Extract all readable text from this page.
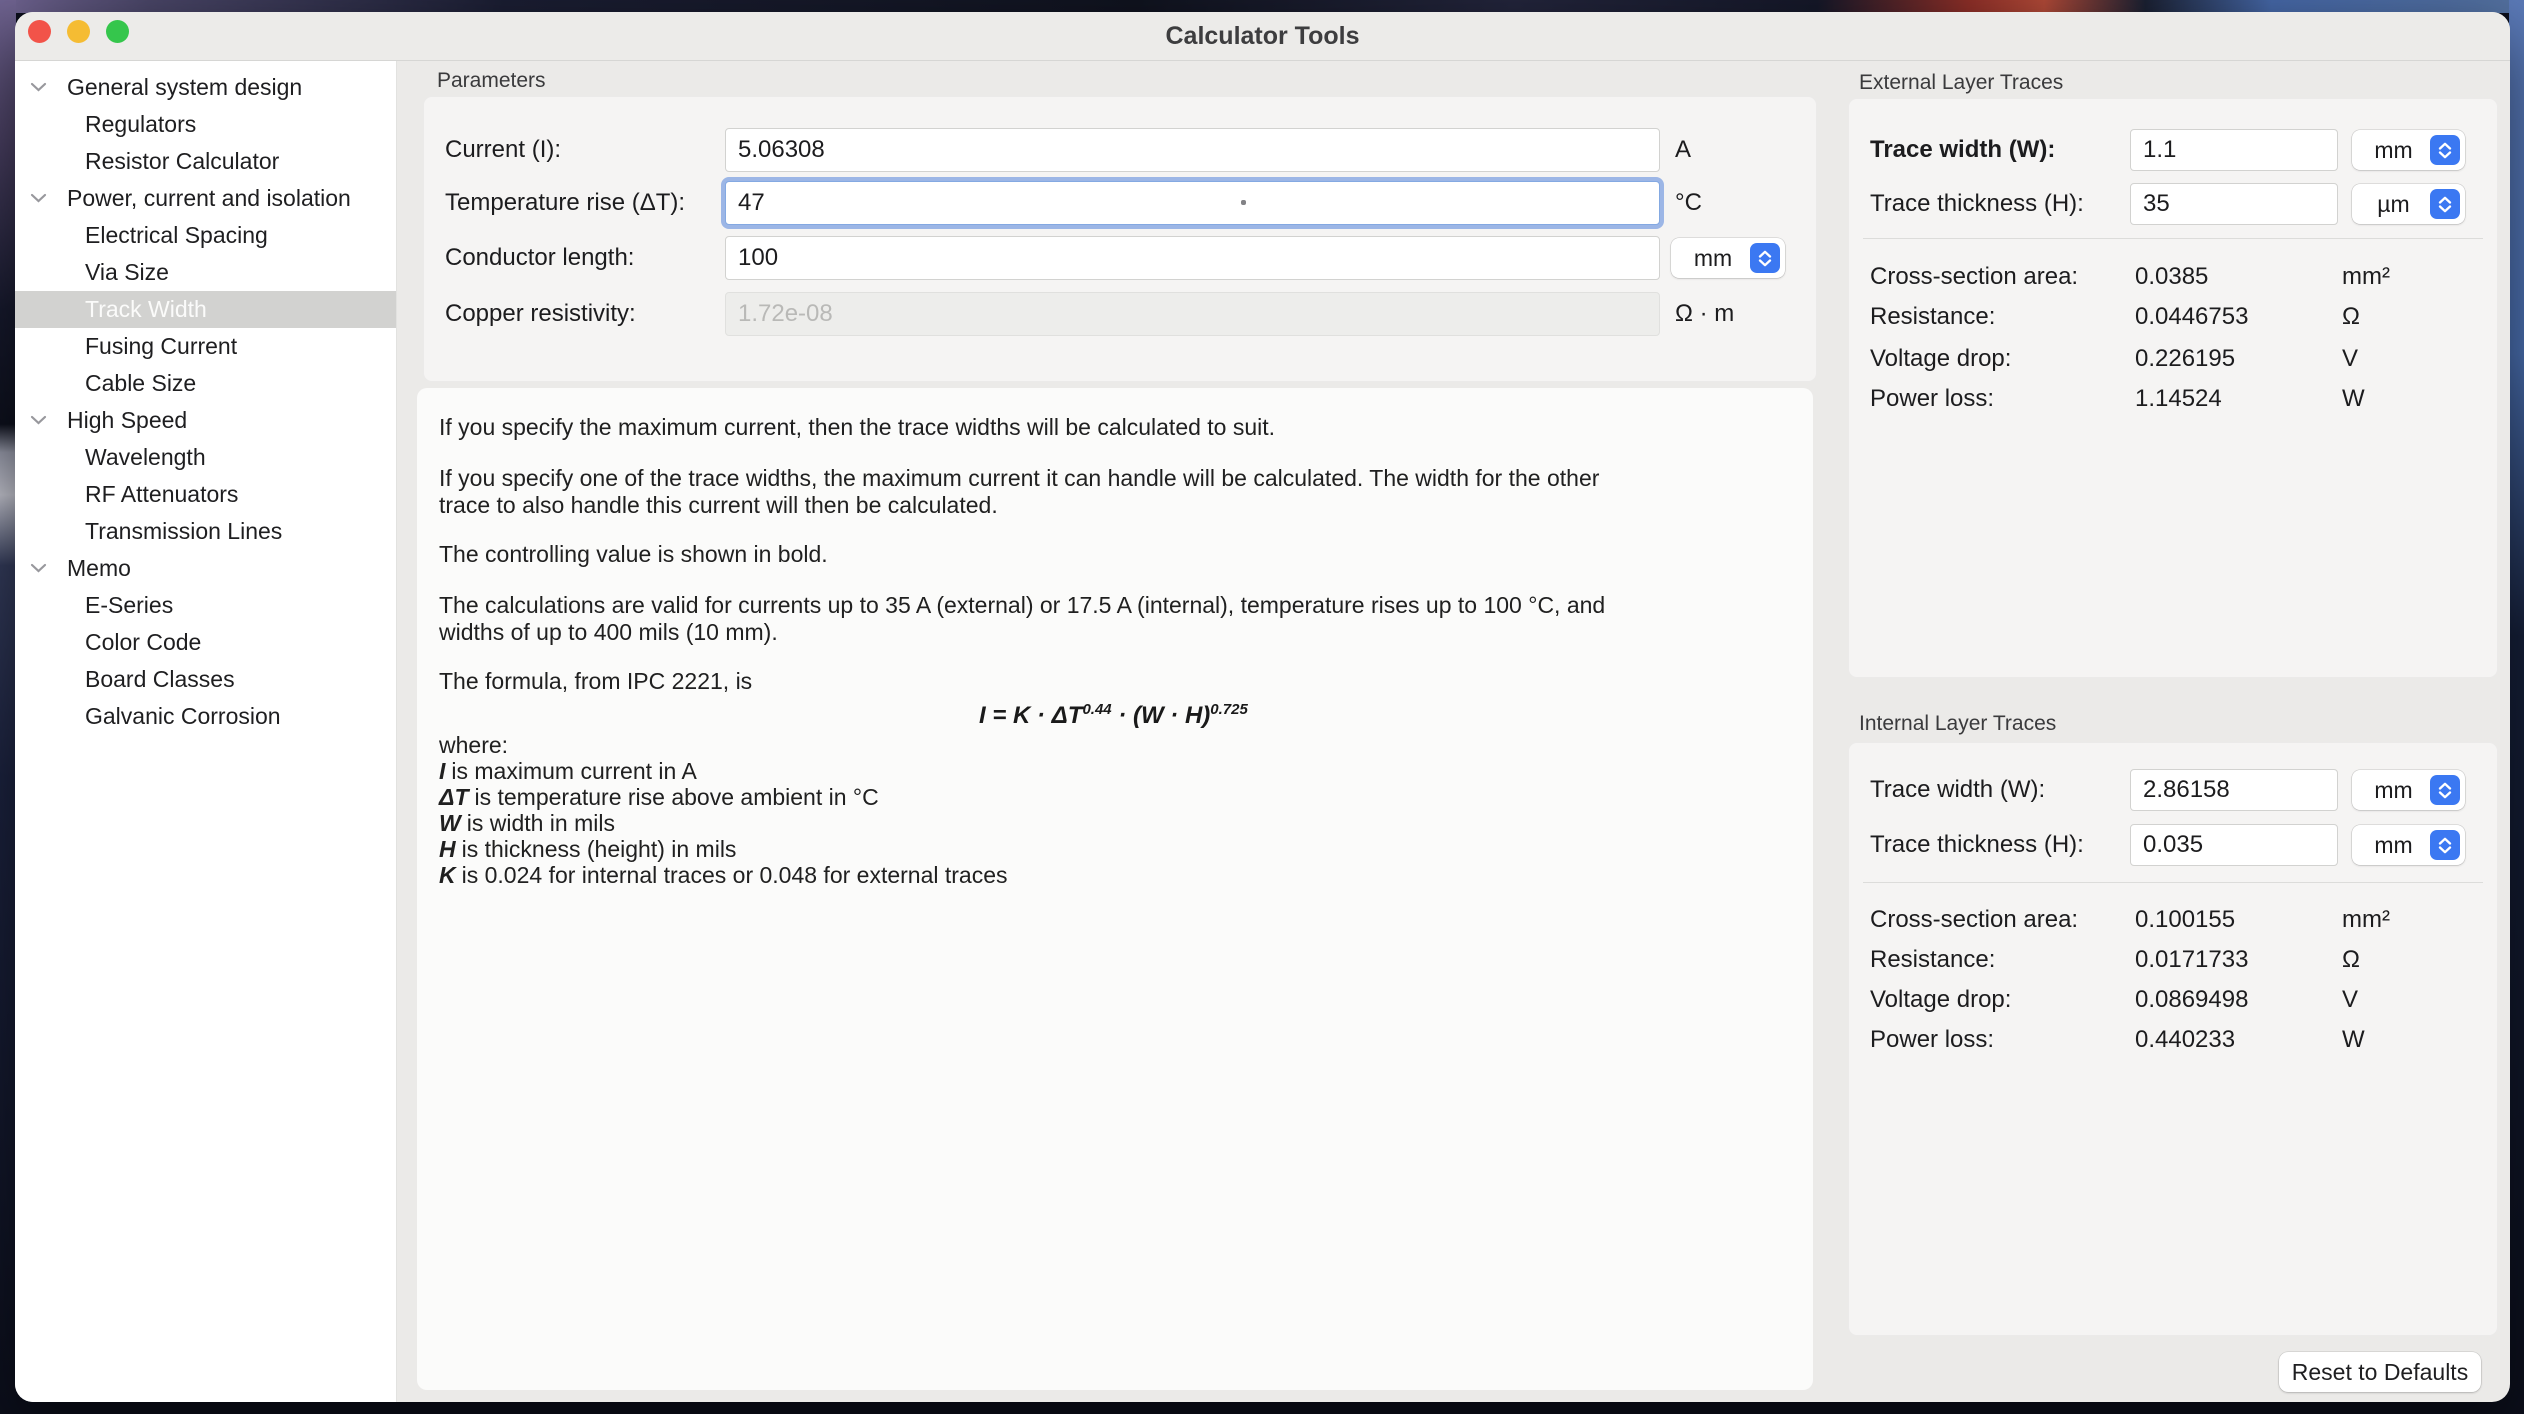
Calculator Tools
General system design
Regulators
Resistor Calculator
Power, current and isolation
Electrical Spacing
Via Size
Track Width
Fusing Current
Cable Size
High Speed
Wavelength
RF Attenuators
Transmission Lines
Memo
E-Series
Color Code
Board Classes
Galvanic Corrosion
Parameters
Current (I):
5.06308	A
Temperature rise (ΔT):
47	°C
Conductor length:
100	mm
Copper resistivity:
1.72e-08	Ω · m

If you specify the maximum current, then the trace widths will be calculated to suit.

If you specify one of the trace widths, the maximum current it can handle will be calculated. The width for the other
trace to also handle this current will then be calculated.

The controlling value is shown in bold.

The calculations are valid for currents up to 35 A (external) or 17.5 A (internal), temperature rises up to 100 °C, and
widths of up to 400 mils (10 mm).

The formula, from IPC 2221, is

$I = K \cdot \Delta T^{0.44} \cdot (W \cdot H)^{0.725}$
where:
I is maximum current in A
ΔT is temperature rise above ambient in °C
W is width in mils
H is thickness (height) in mils
K is 0.024 for internal traces or 0.048 for external traces
External Layer Traces
Trace width (W):
1.1	mm
Trace thickness (H):
35	µm
Cross-section area: 0.0385	mm²
Resistance:	0.0446753	Ω
Voltage drop:	0.226195	V
Power loss:	1.14524	W
Internal Layer Traces
Trace width (W):
2.86158	mm
Trace thickness (H):
0.035	mm
Cross-section area: 0.100155	mm²
Resistance:	0.0171733	Ω
Voltage drop:	0.0869498	V
Power loss:	0.440233	W
Reset to Defaults
